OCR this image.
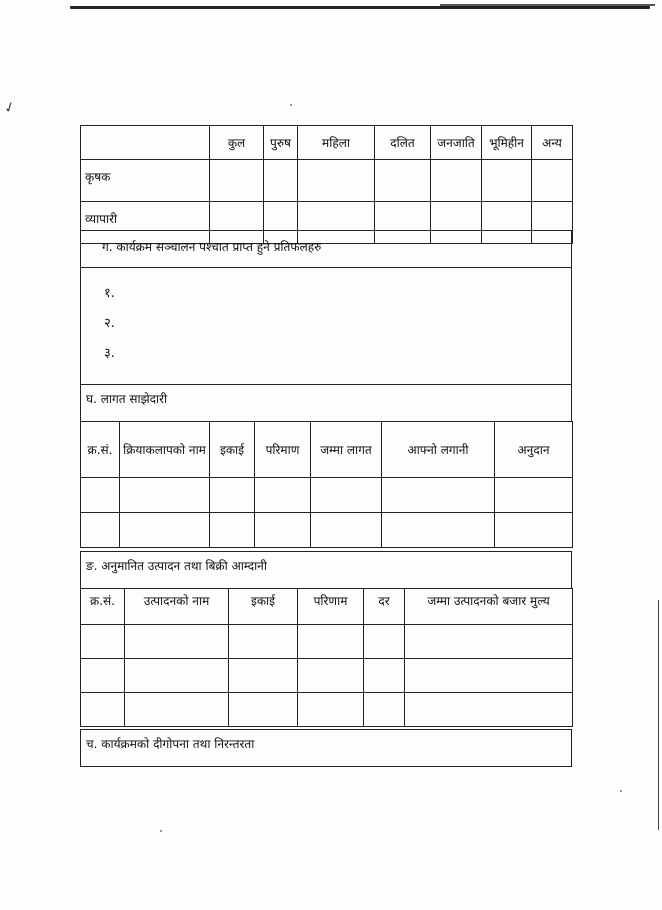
✓
	कुल	पुरुष	महिला	दलित	जनजाति	भूमिहीन	अन्य
कृषक							
व्यापारी							
ग. कार्यक्रम सञ्चालन पश्चात प्राप्त हुने प्रतिफलहरु
१.
२.
३.
घ. लागत साझेदारी
क्र.सं.	क्रियाकलापको नाम	इकाई	परिमाण	जम्मा लागत	आफ्नो लगानी	अनुदान

ङ. अनुमानित उत्पादन तथा बिक्री आम्दानी
क्र.सं.	उत्पादनको नाम	इकाई	परिणाम	दर	जम्मा उत्पादनको बजार मुल्य

च. कार्यक्रमको दीगोपना तथा निरन्तरता
